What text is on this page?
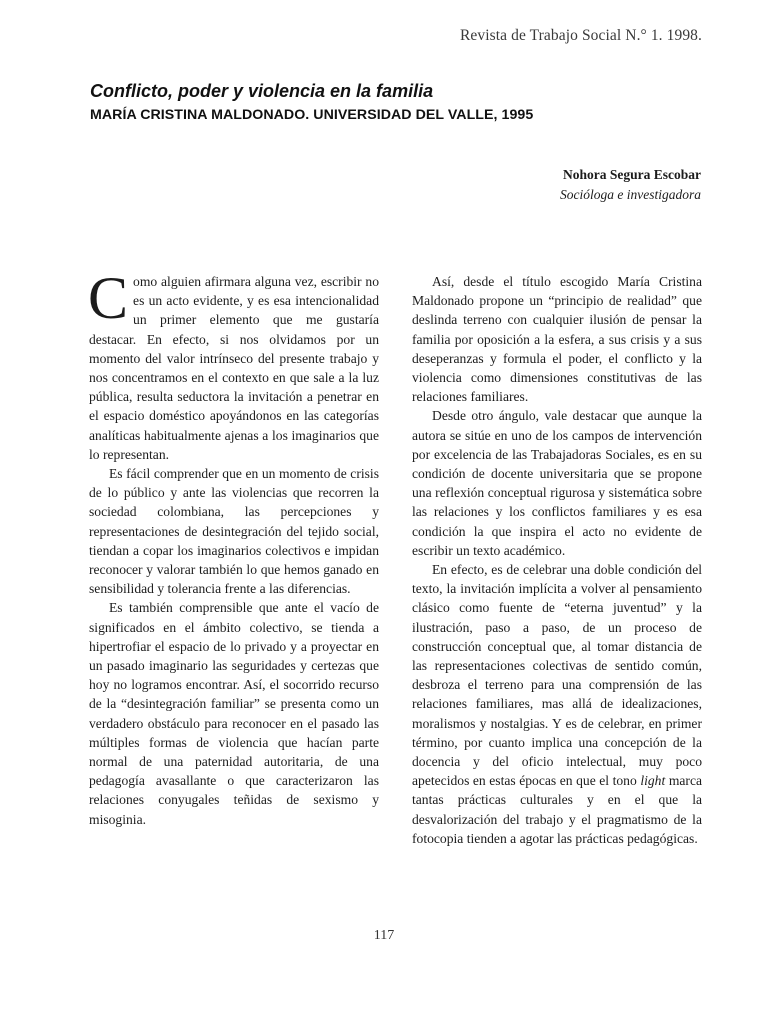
Revista de Trabajo Social N.° 1. 1998.
Conflicto, poder y violencia en la familia
MARÍA CRISTINA MALDONADO. UNIVERSIDAD DEL VALLE, 1995
Nohora Segura Escobar
Socióloga e investigadora

Como alguien afirmara alguna vez, escribir no es un acto evidente, y es esa intencionalidad un primer elemento que me gustaría destacar. En efecto, si nos olvidamos por un momento del valor intrínseco del presente trabajo y nos concentramos en el contexto en que sale a la luz pública, resulta seductora la invitación a penetrar en el espacio doméstico apoyándonos en las categorías analíticas habitualmente ajenas a los imaginarios que lo representan.

Es fácil comprender que en un momento de crisis de lo público y ante las violencias que recorren la sociedad colombiana, las percepciones y representaciones de desintegración del tejido social, tiendan a copar los imaginarios colectivos e impidan reconocer y valorar también lo que hemos ganado en sensibilidad y tolerancia frente a las diferencias.

Es también comprensible que ante el vacío de significados en el ámbito colectivo, se tienda a hipertrofiar el espacio de lo privado y a proyectar en un pasado imaginario las seguridades y certezas que hoy no logramos encontrar. Así, el socorrido recurso de la “desintegración familiar” se presenta como un verdadero obstáculo para reconocer en el pasado las múltiples formas de violencia que hacían parte normal de una paternidad autoritaria, de una pedagogía avasallante o que caracterizaron las relaciones conyugales teñidas de sexismo y misoginia.

Así, desde el título escogido María Cristina Maldonado propone un “principio de realidad” que deslinda terreno con cualquier ilusión de pensar la familia por oposición a la esfera, a sus crisis y a sus deseperanzas y formula el poder, el conflicto y la violencia como dimensiones constitutivas de las relaciones familiares.

Desde otro ángulo, vale destacar que aunque la autora se sitúe en uno de los campos de intervención por excelencia de las Trabajadoras Sociales, es en su condición de docente universitaria que se propone una reflexión conceptual rigurosa y sistemática sobre las relaciones y los conflictos familiares y es esa condición la que inspira el acto no evidente de escribir un texto académico.

En efecto, es de celebrar una doble condición del texto, la invitación implícita a volver al pensamiento clásico como fuente de “eterna juventud” y la ilustración, paso a paso, de un proceso de construcción conceptual que, al tomar distancia de las representaciones colectivas de sentido común, desbroza el terreno para una comprensión de las relaciones familiares, mas allá de idealizaciones, moralismos y nostalgias. Y es de celebrar, en primer término, por cuanto implica una concepción de la docencia y del oficio intelectual, muy poco apetecidos en estas épocas en que el tono light marca tantas prácticas culturales y en el que la desvalorización del trabajo y el pragmatismo de la fotocopia tienden a agotar las prácticas pedagógicas.

117
